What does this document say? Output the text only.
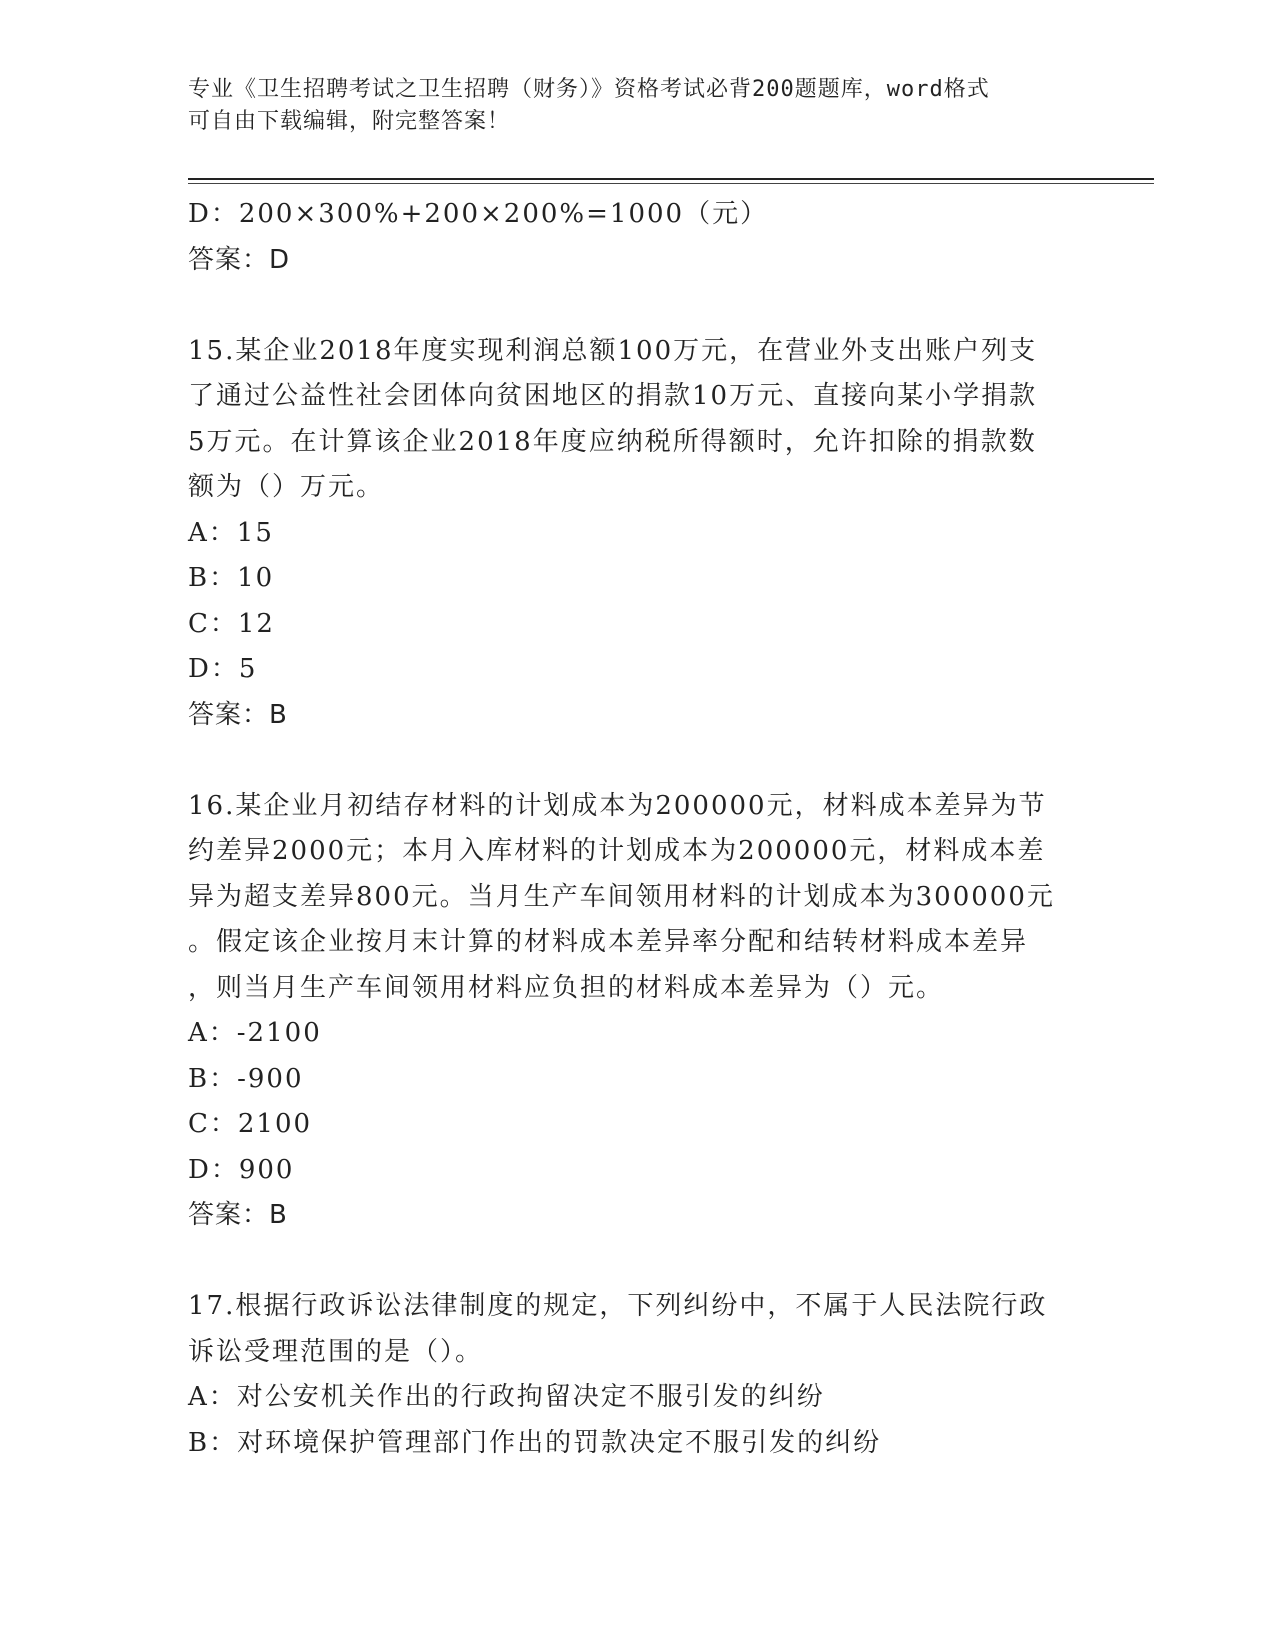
专业《卫生招聘考试之卫生招聘（财务）》资格考试必背200题题库，word格式
可自由下载编辑，附完整答案！
D：200×300%+200×200%=1000（元）
答案：D
15.某企业2018年度实现利润总额100万元，在营业外支出账户列支
了通过公益性社会团体向贫困地区的捐款10万元、直接向某小学捐款
5万元。在计算该企业2018年度应纳税所得额时，允许扣除的捐款数
额为（）万元。
A：15
B：10
C：12
D：5
答案：B
16.某企业月初结存材料的计划成本为200000元，材料成本差异为节
约差异2000元；本月入库材料的计划成本为200000元，材料成本差
异为超支差异800元。当月生产车间领用材料的计划成本为300000元
。假定该企业按月末计算的材料成本差异率分配和结转材料成本差异
，则当月生产车间领用材料应负担的材料成本差异为（）元。
A：-2100
B：-900
C：2100
D：900
答案：B
17.根据行政诉讼法律制度的规定，下列纠纷中，不属于人民法院行政
诉讼受理范围的是（）。
A：对公安机关作出的行政拘留决定不服引发的纠纷
B：对环境保护管理部门作出的罚款决定不服引发的纠纷
